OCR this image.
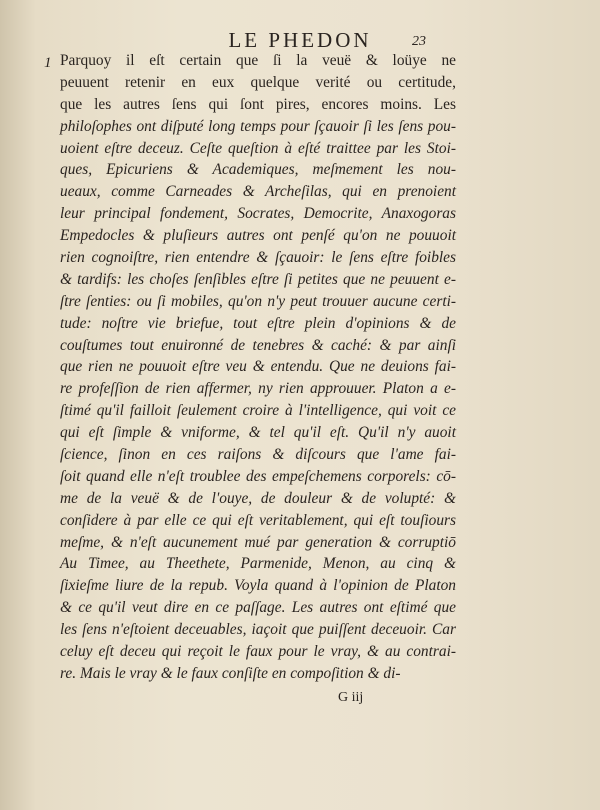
LE PHEDON	23
1 Parquoy il eſt certain que ſi la veuë & loüye ne
peuuent retenir en eux quelque verité ou certitude,
que les autres ſens qui ſont pires, encores moins. Les
philoſophes ont diſputé long temps pour ſçauoir ſi les ſens pou-
uoient eſtre deceuz. Ceſte queſtion à eſté traittee par les Stoi-
ques, Epicuriens & Academiques, meſmement les nou-
ueaux, comme Carneades & Archeſilas, qui en prenoient
leur principal fondement, Socrates, Democrite, Anaxogoras
Empedocles & pluſieurs autres ont penſé qu'on ne pouuoit
rien cognoiſtre, rien entendre & ſçauoir: le ſens eſtre foibles
& tardifs: les choſes ſenſibles eſtre ſi petites que ne peuuent e-
ſtre ſenties: ou ſi mobiles, qu'on n'y peut trouuer aucune certi-
tude: noſtre vie briefue, tout eſtre plein d'opinions & de
couſtumes tout enuironné de tenebres & caché: & par ainſi
que rien ne pouuoit eſtre veu & entendu. Que ne deuions fai-
re profeſſion de rien affermer, ny rien approuuer. Platon a e-
ſtimé qu'il failloit ſeulement croire à l'intelligence, qui voit ce
qui eſt ſimple & vniforme, & tel qu'il eſt. Qu'il n'y auoit
ſcience, ſinon en ces raiſons & diſcours que l'ame fai-
ſoit quand elle n'eſt troublee des empeſchemens corporels: cō-
me de la veuë & de l'ouye, de douleur & de volupté: &
conſidere à par elle ce qui eſt veritablement, qui eſt touſiours
meſme, & n'eſt aucunement mué par generation & corruptiō
Au Timee, au Theethete, Parmenide, Menon, au cinq &
ſixieſme liure de la repub. Voyla quand à l'opinion de Platon
& ce qu'il veut dire en ce paſſage. Les autres ont eſtimé que
les ſens n'eſtoient deceuables, iaçoit que puiſſent deceuoir. Car
celuy eſt deceu qui reçoit le faux pour le vray, & au contrai-
re. Mais le vray & le faux conſiſte en compoſition & di-
G iij
